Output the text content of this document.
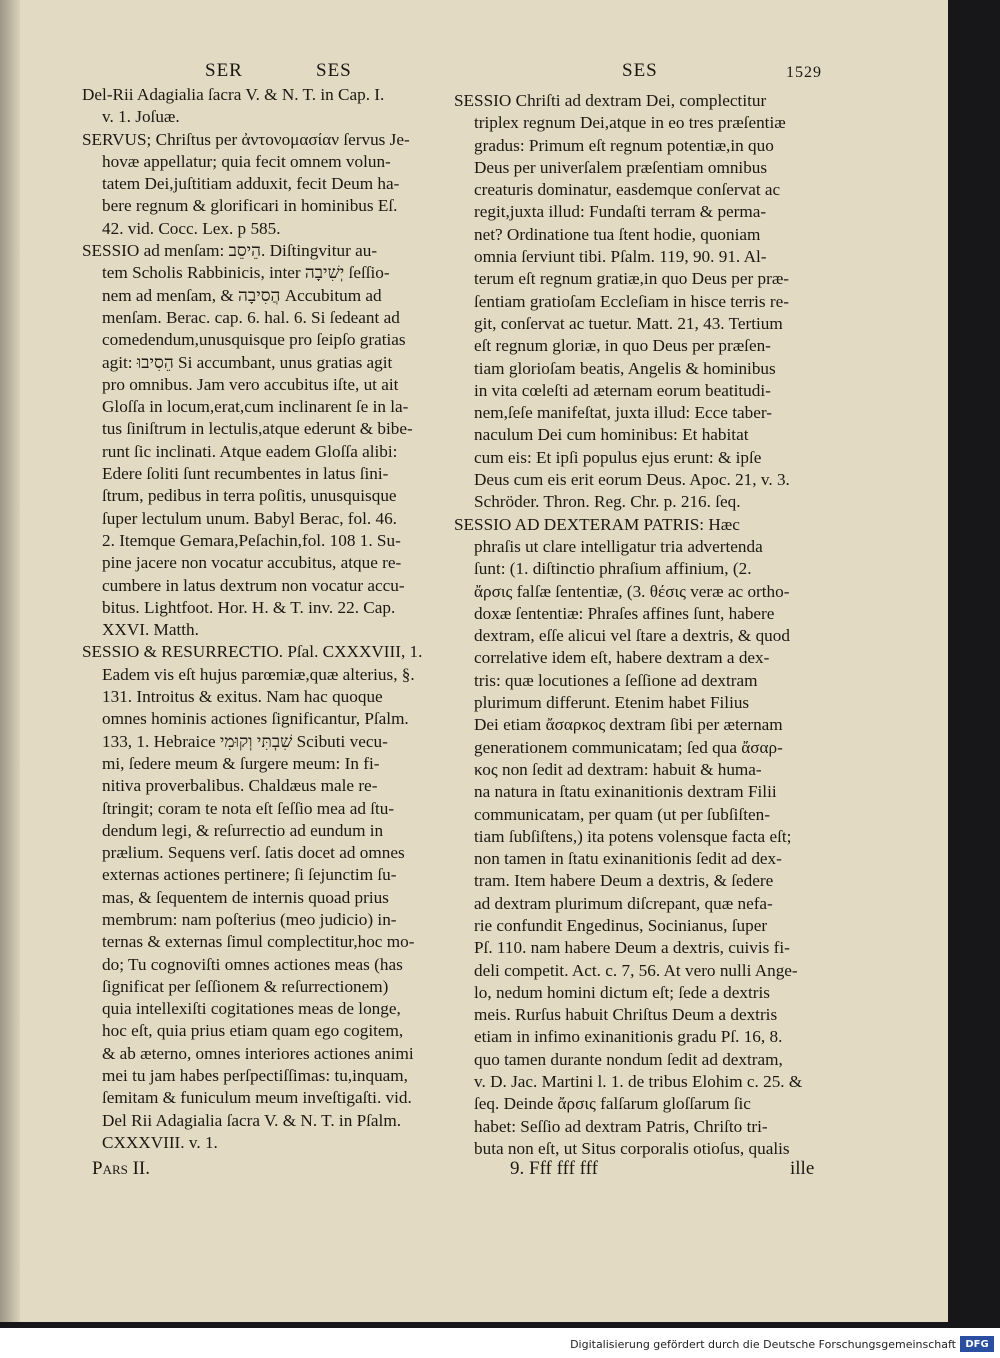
SER	SES	SES	1529
Del-Rii Adagialia ſacra V. & N. T. in Cap. I.
v. 1. Joſuæ.
SERVUS; Chriſtus per ἀντονομασίαν ſervus Je-
hovæ appellatur; quia fecit omnem volun-
tatem Dei,juſtitiam adduxit, fecit Deum ha-
bere regnum & glorificari in hominibus Eſ.
42. vid. Cocc. Lex. p 585.
SESSIO ad menſam: הֵיסֵב. Diſtingvitur au-
tem Scholis Rabbinicis, inter יְשִׁיבָה ſeſſio-
nem ad menſam, & הֲסִיבָה Accubitum ad
menſam. Berac. cap. 6. hal. 6. Si ſedeant ad
comedendum,unusquisque pro ſeipſo gratias
agit: הֵסִיבוּ Si accumbant, unus gratias agit
pro omnibus. Jam vero accubitus iſte, ut ait
Gloſſa in locum,erat,cum inclinarent ſe in la-
tus ſiniſtrum in lectulis,atque ederunt & bibe-
runt ſic inclinati. Atque eadem Gloſſa alibi:
Edere ſoliti ſunt recumbentes in latus ſini-
ſtrum, pedibus in terra poſitis, unusquisque
ſuper lectulum unum. Babyl Berac, fol. 46.
2. Itemque Gemara,Peſachin,fol. 108 1. Su-
pine jacere non vocatur accubitus, atque re-
cumbere in latus dextrum non vocatur accu-
bitus. Lightfoot. Hor. H. & T. inv. 22. Cap.
XXVI. Matth.
SESSIO & RESURRECTIO. Pſal. CXXXVIII, 1.
Eadem vis eſt hujus parœmiæ,quæ alterius, §.
131. Introitus & exitus. Nam hac quoque
omnes hominis actiones ſignificantur, Pſalm.
133, 1. Hebraice שִׁבְתִּי וְקוּמִי Scibuti vecu-
mi, ſedere meum & ſurgere meum: In fi-
nitiva proverbalibus. Chaldæus male re-
ſtringit; coram te nota eſt ſeſſio mea ad ſtu-
dendum legi, & reſurrectio ad eundum in
prælium. Sequens verſ. ſatis docet ad omnes
externas actiones pertinere; ſi ſejunctim ſu-
mas, & ſequentem de internis quoad prius
membrum: nam poſterius (meo judicio) in-
ternas & externas ſimul complectitur,hoc mo-
do; Tu cognoviſti omnes actiones meas (has
ſignificat per ſeſſionem & reſurrectionem)
quia intellexiſti cogitationes meas de longe,
hoc eſt, quia prius etiam quam ego cogitem,
& ab æterno, omnes interiores actiones animi
mei tu jam habes perſpectiſſimas: tu,inquam,
ſemitam & funiculum meum inveſtigaſti. vid.
Del Rii Adagialia ſacra V. & N. T. in Pſalm.
CXXXVIII. v. 1.
SESSIO Chriſti ad dextram Dei, complectitur
triplex regnum Dei,atque in eo tres præſentiæ
gradus: Primum eſt regnum potentiæ,in quo
Deus per univerſalem præſentiam omnibus
creaturis dominatur, easdemque conſervat ac
regit,juxta illud: Fundaſti terram & perma-
net? Ordinatione tua ſtent hodie, quoniam
omnia ſerviunt tibi. Pſalm. 119, 90. 91. Al-
terum eſt regnum gratiæ,in quo Deus per præ-
ſentiam gratioſam Eccleſiam in hisce terris re-
git, conſervat ac tuetur. Matt. 21, 43. Tertium
eſt regnum gloriæ, in quo Deus per præſen-
tiam glorioſam beatis, Angelis & hominibus
in vita cœleſti ad æternam eorum beatitudi-
nem,ſeſe manifeſtat, juxta illud: Ecce taber-
naculum Dei cum hominibus: Et habitat
cum eis: Et ipſi populus ejus erunt: & ipſe
Deus cum eis erit eorum Deus. Apoc. 21, v. 3.
Schröder. Thron. Reg. Chr. p. 216. ſeq.
SESSIO AD DEXTERAM PATRIS: Hæc
phraſis ut clare intelligatur tria advertenda
ſunt: (1. diſtinctio phraſium affinium, (2.
ἄρσις falſæ ſententiæ, (3. θέσις veræ ac ortho-
doxæ ſententiæ: Phraſes affines ſunt, habere
dextram, eſſe alicui vel ſtare a dextris, & quod
correlative idem eſt, habere dextram a dex-
tris: quæ locutiones a ſeſſione ad dextram
plurimum differunt. Etenim habet Filius
Dei etiam ἄσαρκος dextram ſibi per æternam
generationem communicatam; ſed qua ἄσαρ-
κος non ſedit ad dextram: habuit & huma-
na natura in ſtatu exinanitionis dextram Filii
communicatam, per quam (ut per ſubſiſten-
tiam ſubſiſtens,) ita potens volensque facta eſt;
non tamen in ſtatu exinanitionis ſedit ad dex-
tram. Item habere Deum a dextris, & ſedere
ad dextram plurimum diſcrepant, quæ nefa-
rie confundit Engedinus, Socinianus, ſuper
Pſ. 110. nam habere Deum a dextris, cuivis fi-
deli competit. Act. c. 7, 56. At vero nulli Ange-
lo, nedum homini dictum eſt; ſede a dextris
meis. Rurſus habuit Chriſtus Deum a dextris
etiam in infimo exinanitionis gradu Pſ. 16, 8.
quo tamen durante nondum ſedit ad dextram,
v. D. Jac. Martini l. 1. de tribus Elohim c. 25. &
ſeq. Deinde ἄρσις falſarum gloſſarum ſic
habet: Seſſio ad dextram Patris, Chriſto tri-
buta non eſt, ut Situs corporalis otioſus, qualis
Pars II.	9. Fff fff fff	ille
Digitalisierung gefördert durch die Deutsche Forschungsgemeinschaft DFG
